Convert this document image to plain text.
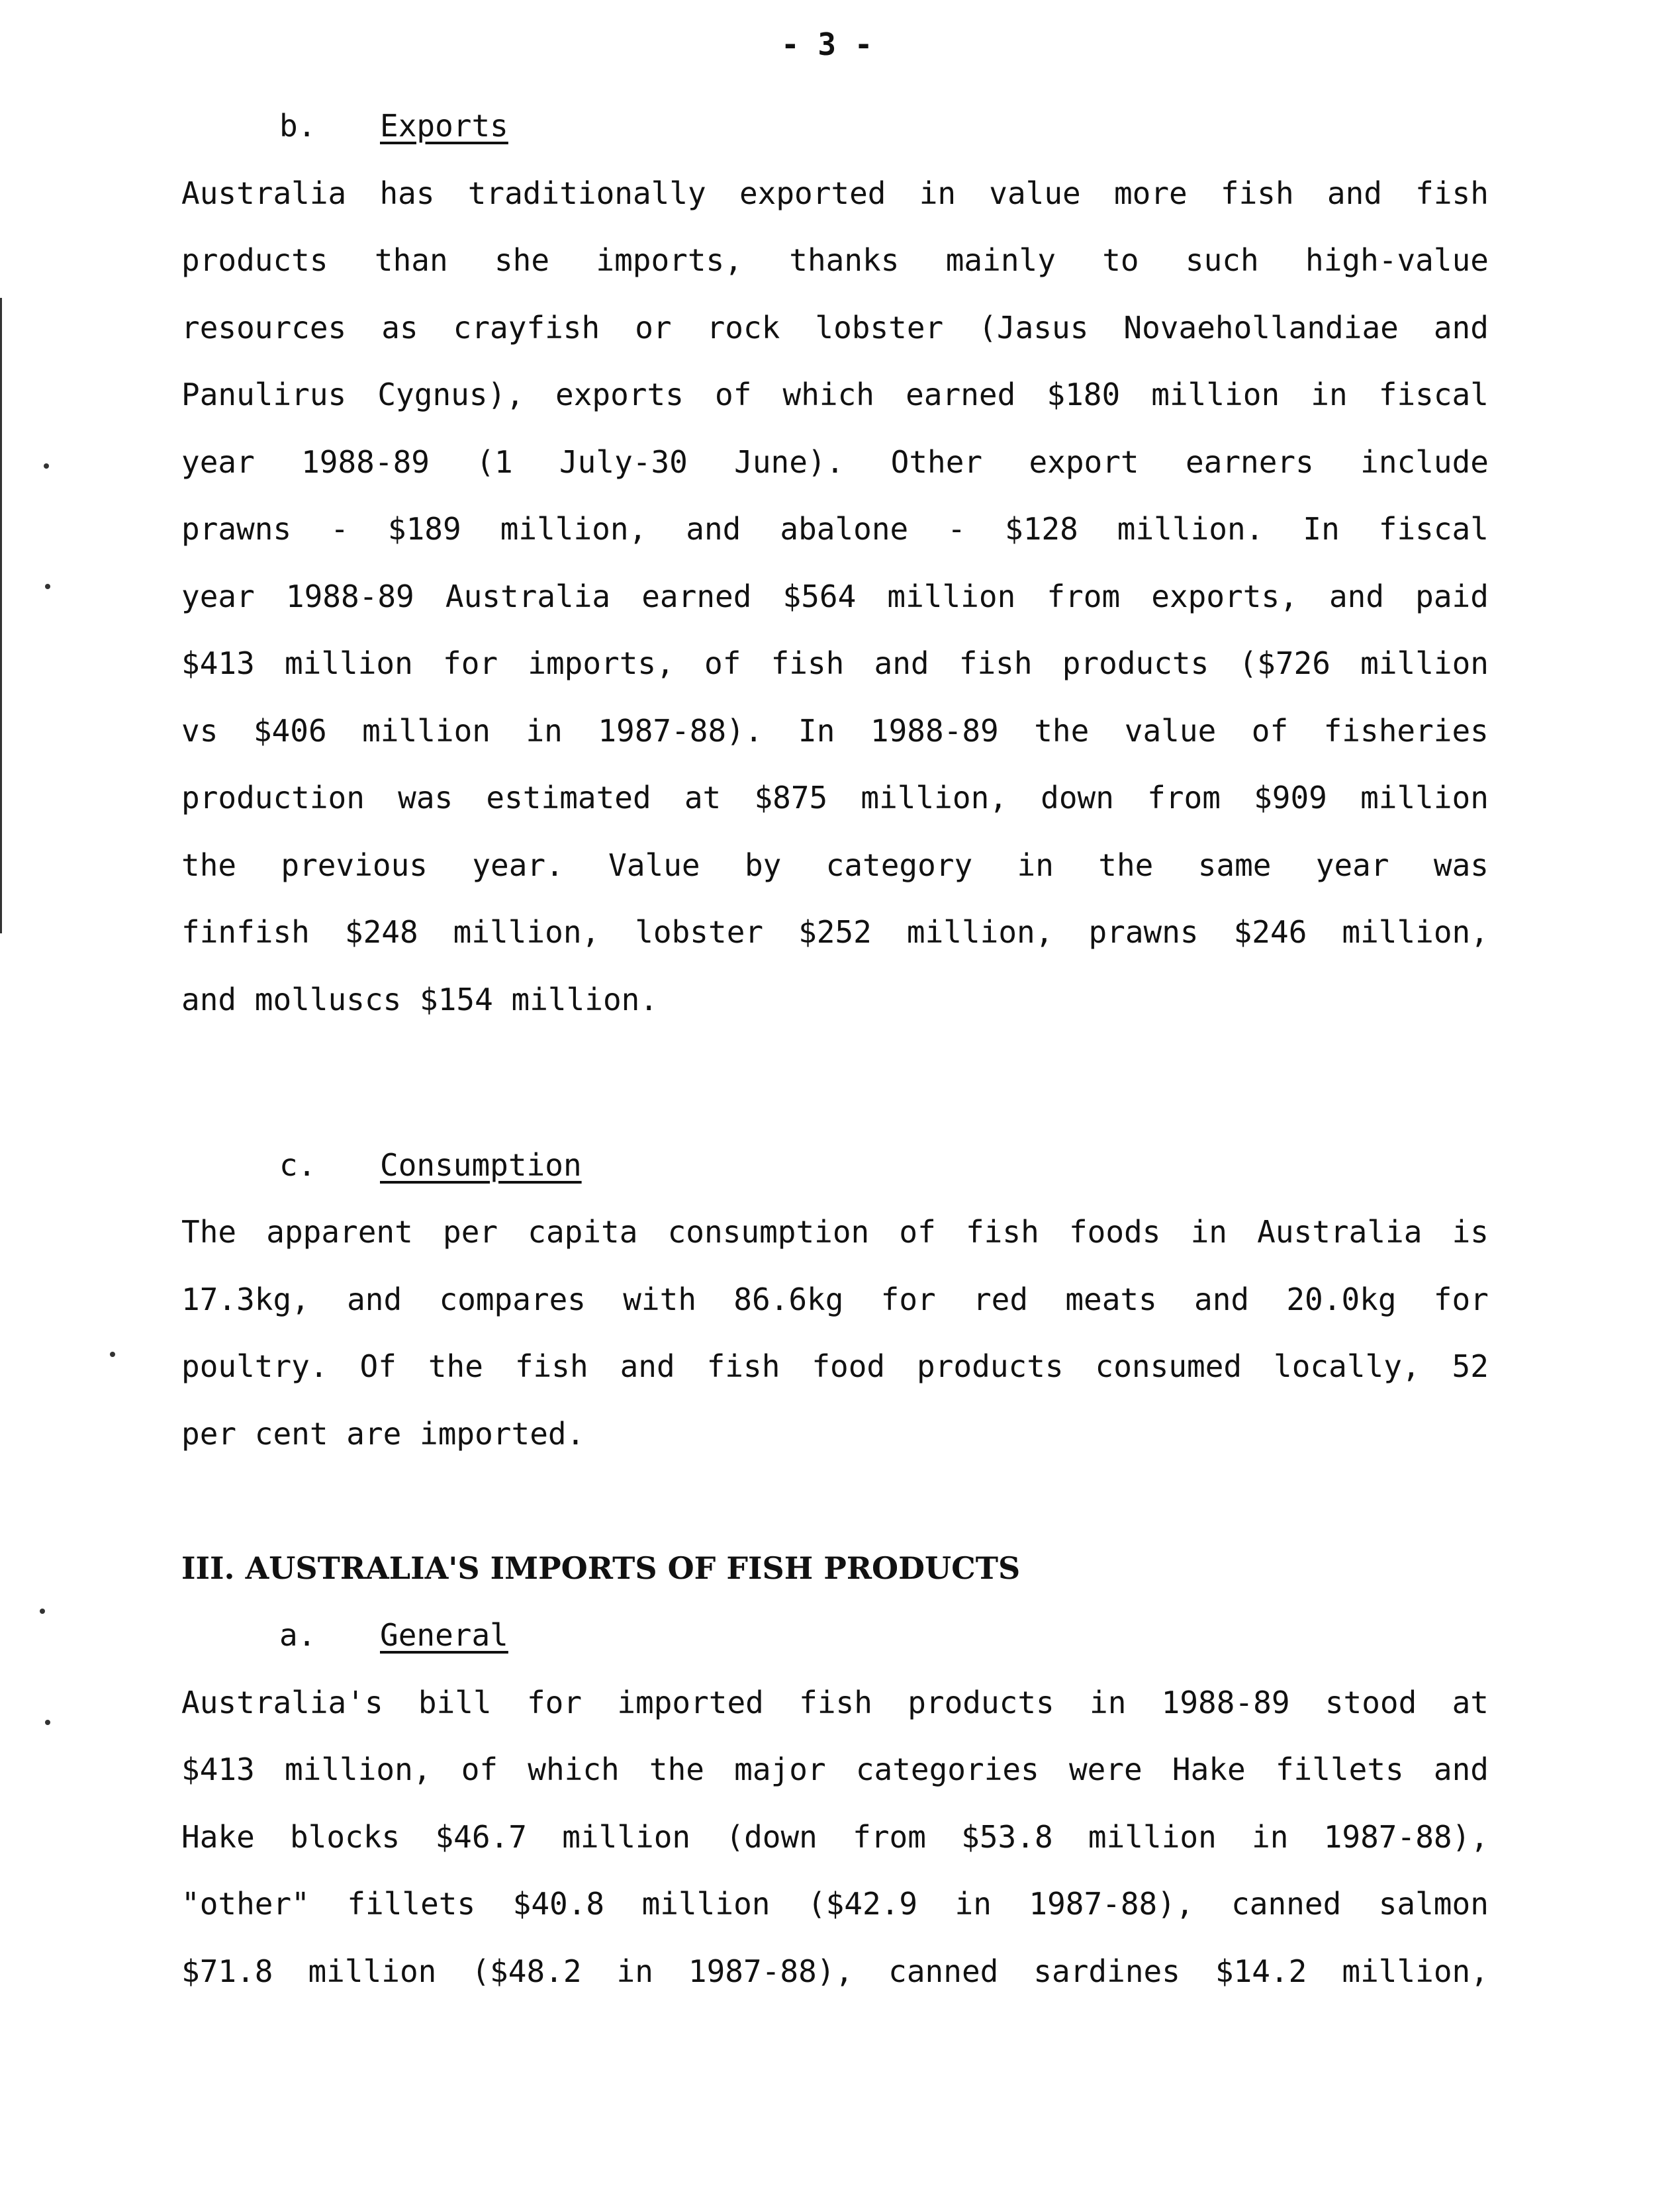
- 3 -
b. Exports
Australia has traditionally exported in value more fish and fish
products than she imports, thanks mainly to such high-value
resources as crayfish or rock lobster (Jasus Novaehollandiae and
Panulirus Cygnus), exports of which earned $180 million in fiscal
year 1988-89 (1 July-30 June). Other export earners include
prawns - $189 million, and abalone - $128 million. In fiscal
year 1988-89 Australia earned $564 million from exports, and paid
$413 million for imports, of fish and fish products ($726 million
vs $406 million in 1987-88). In 1988-89 the value of fisheries
production was estimated at $875 million, down from $909 million
the previous year. Value by category in the same year was
finfish $248 million, lobster $252 million, prawns $246 million,
and molluscs $154 million.
c. Consumption
The apparent per capita consumption of fish foods in Australia is
17.3kg, and compares with 86.6kg for red meats and 20.0kg for
poultry. Of the fish and fish food products consumed locally, 52
per cent are imported.
III. AUSTRALIA'S IMPORTS OF FISH PRODUCTS
a. General
Australia's bill for imported fish products in 1988-89 stood at
$413 million, of which the major categories were Hake fillets and
Hake blocks $46.7 million (down from $53.8 million in 1987-88),
"other" fillets $40.8 million ($42.9 in 1987-88), canned salmon
$71.8 million ($48.2 in 1987-88), canned sardines $14.2 million,
